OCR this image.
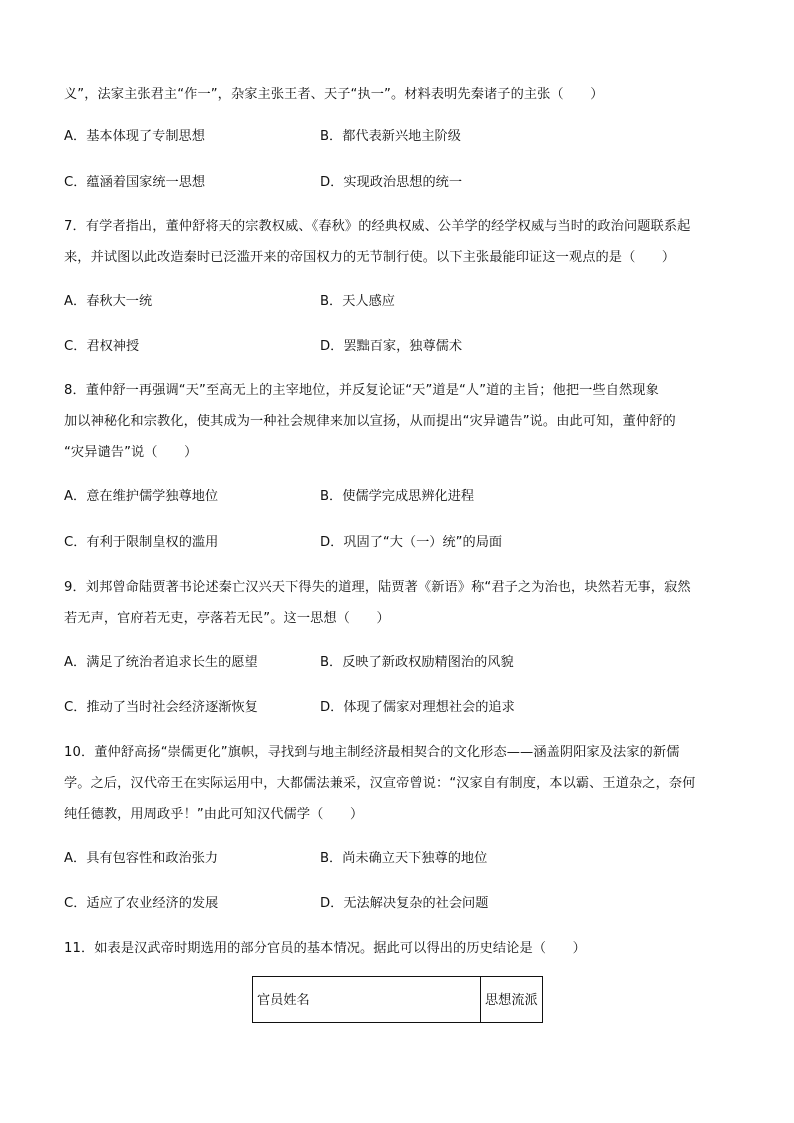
义”，法家主张君主“作一”，杂家主张王者、天子“执一”。材料表明先秦诸子的主张（　　）
A．基本体现了专制思想	B．都代表新兴地主阶级
C．蕴涵着国家统一思想	D．实现政治思想的统一
7．有学者指出，董仲舒将天的宗教权威、《春秋》的经典权威、公羊学的经学权威与当时的政治问题联系起
来，并试图以此改造秦时已泛滥开来的帝国权力的无节制行使。以下主张最能印证这一观点的是（　　）
A．春秋大一统	B．天人感应
C．君权神授	D．罢黜百家，独尊儒术
8．董仲舒一再强调“天”至高无上的主宰地位，并反复论证“天”道是“人”道的主旨；他把一些自然现象
加以神秘化和宗教化，使其成为一种社会规律来加以宣扬，从而提出“灾异谴告”说。由此可知，董仲舒的
“灾异谴告”说（　　）
A．意在维护儒学独尊地位	B．使儒学完成思辨化进程
C．有利于限制皇权的滥用	D．巩固了“大（一）统”的局面
9．刘邦曾命陆贾著书论述秦亡汉兴天下得失的道理，陆贾著《新语》称“君子之为治也，块然若无事，寂然
若无声，官府若无吏，亭落若无民”。这一思想（　　）
A．满足了统治者追求长生的愿望	B．反映了新政权励精图治的风貌
C．推动了当时社会经济逐渐恢复	D．体现了儒家对理想社会的追求
10．董仲舒高扬“崇儒更化”旗帜，寻找到与地主制经济最相契合的文化形态——涵盖阴阳家及法家的新儒
学。之后，汉代帝王在实际运用中，大都儒法兼采，汉宣帝曾说：“汉家自有制度，本以霸、王道杂之，奈何
纯任德教，用周政乎！”由此可知汉代儒学（　　）
A．具有包容性和政治张力	B．尚未确立天下独尊的地位
C．适应了农业经济的发展	D．无法解决复杂的社会问题
11．如表是汉武帝时期选用的部分官员的基本情况。据此可以得出的历史结论是（　　）
官员姓名	思想流派
